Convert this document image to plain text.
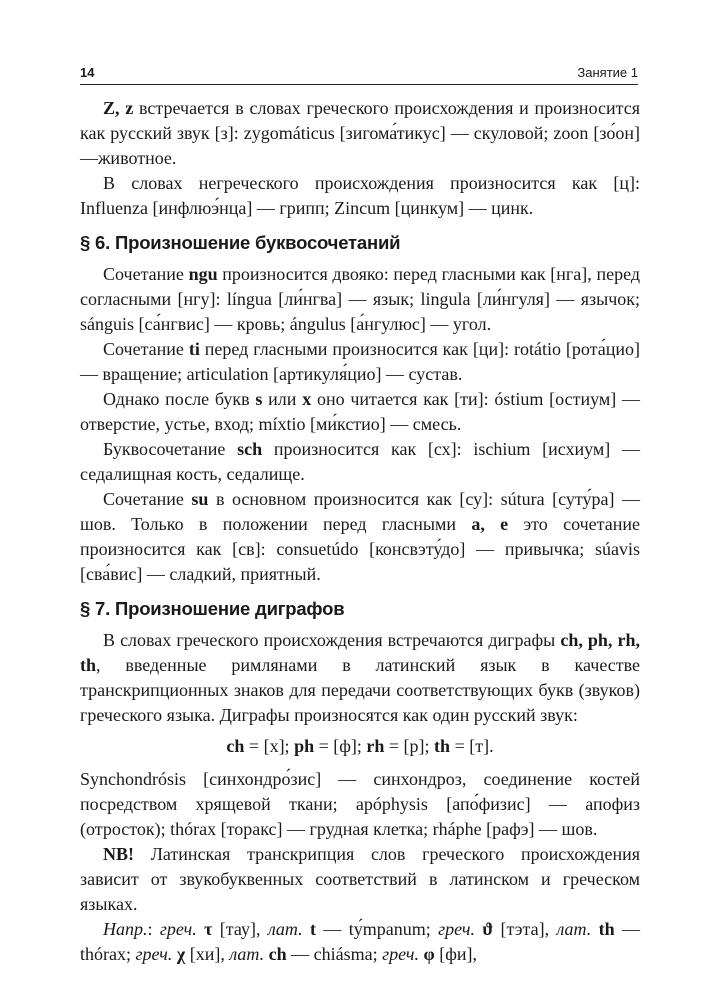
14	Занятие 1

Z, z встречается в словах греческого происхождения и произносится как русский звук [з]: zygomáticus [зигома́тикус] — скуловой; zoon [зо́он] —животное.

В словах негреческого происхождения произносится как [ц]: Influenza [инфлюэ́нца] — грипп; Zincum [цинкум] — цинк.

§ 6. Произношение буквосочетаний

Сочетание ngu произносится двояко: перед гласными как [нга], перед согласными [нгу]: língua [ли́нгва] — язык; lingula [ли́нгуля] — язычок; sánguis [са́нгвис] — кровь; ángulus [а́нгулюс] — угол.

Сочетание ti перед гласными произносится как [ци]: rotátio [рота́цио] — вращение; articulation [артикуля́цио] — сустав.

Однако после букв s или x оно читается как [ти]: óstium [остиум] — отверстие, устье, вход; míxtio [ми́кстио] — смесь.

Буквосочетание sch произносится как [сх]: ischium [исхиум] — седалищная кость, седалище.

Сочетание su в основном произносится как [су]: sútura [суту́ра] — шов. Только в положении перед гласными a, e это сочетание произносится как [св]: consuetúdo [консвэту́до] — привычка; súavis [сва́вис] — сладкий, приятный.

§ 7. Произношение диграфов

В словах греческого происхождения встречаются диграфы ch, ph, rh, th, введенные римлянами в латинский язык в качестве транскрипционных знаков для передачи соответствующих букв (звуков) греческого языка. Диграфы произносятся как один русский звук:

ch = [х]; ph = [ф]; rh = [р]; th = [т].

Synchondrósis [синхондро́зис] — синхондроз, соединение костей посредством хрящевой ткани; apóphysis [апо́физис] — апофиз (отросток); thórax [торакс] — грудная клетка; rháphe [рафэ] — шов.

NB! Латинская транскрипция слов греческого происхождения зависит от звукобуквенных соответствий в латинском и греческом языках.

Напр.: греч. τ [тау], лат. t — tу́mpanum; греч. ϑ [тэта], лат. th — thórax; греч. χ [хи], лат. ch — chiásma; греч. φ [фи],
